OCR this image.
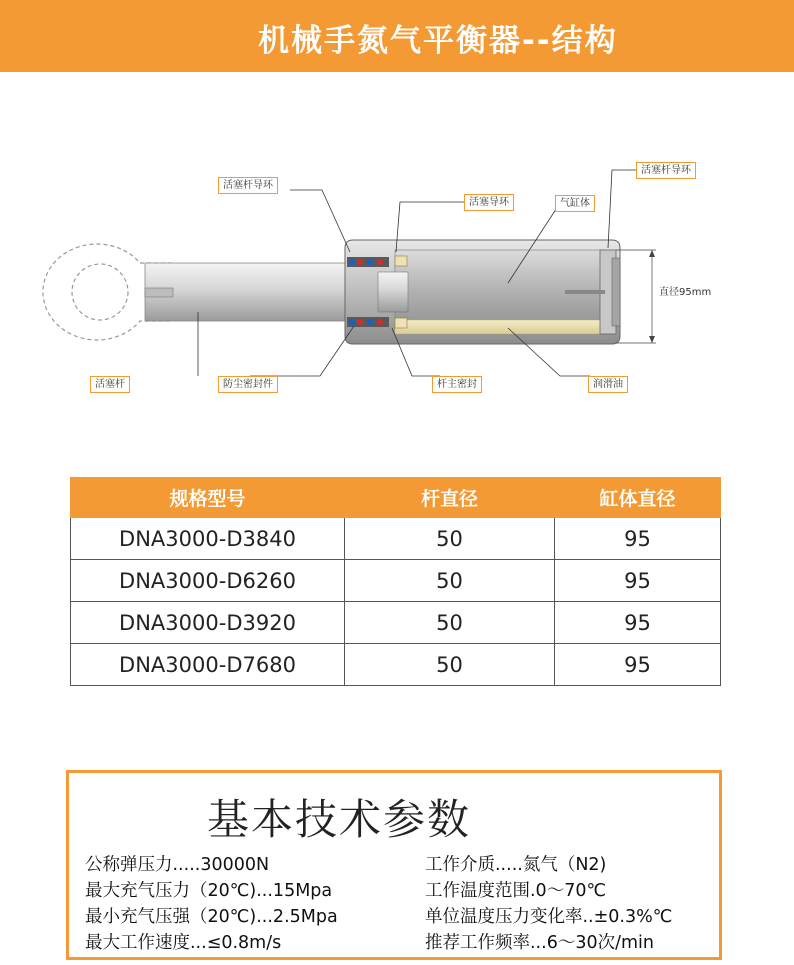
机械手氮气平衡器--结构
活塞杆导环
活塞导环	气缸体
活塞杆导环
直径95mm
活塞杆	防尘密封件	杆主密封	润滑油
规格型号	杆直径	缸体直径
DNA3000-D3840	50	95
DNA3000-D6260	50	95
DNA3000-D3920	50	95
DNA3000-D7680	50	95
基本技术参数
公称弹压力.....30000N
最大充气压力（20℃)...15Mpa
最小充气压强（20℃)...2.5Mpa
最大工作速度...≤0.8m/s
工作介质.....氮气（N2)
工作温度范围.0～70℃
单位温度压力变化率..±0.3%℃
推荐工作频率...6～30次/min
